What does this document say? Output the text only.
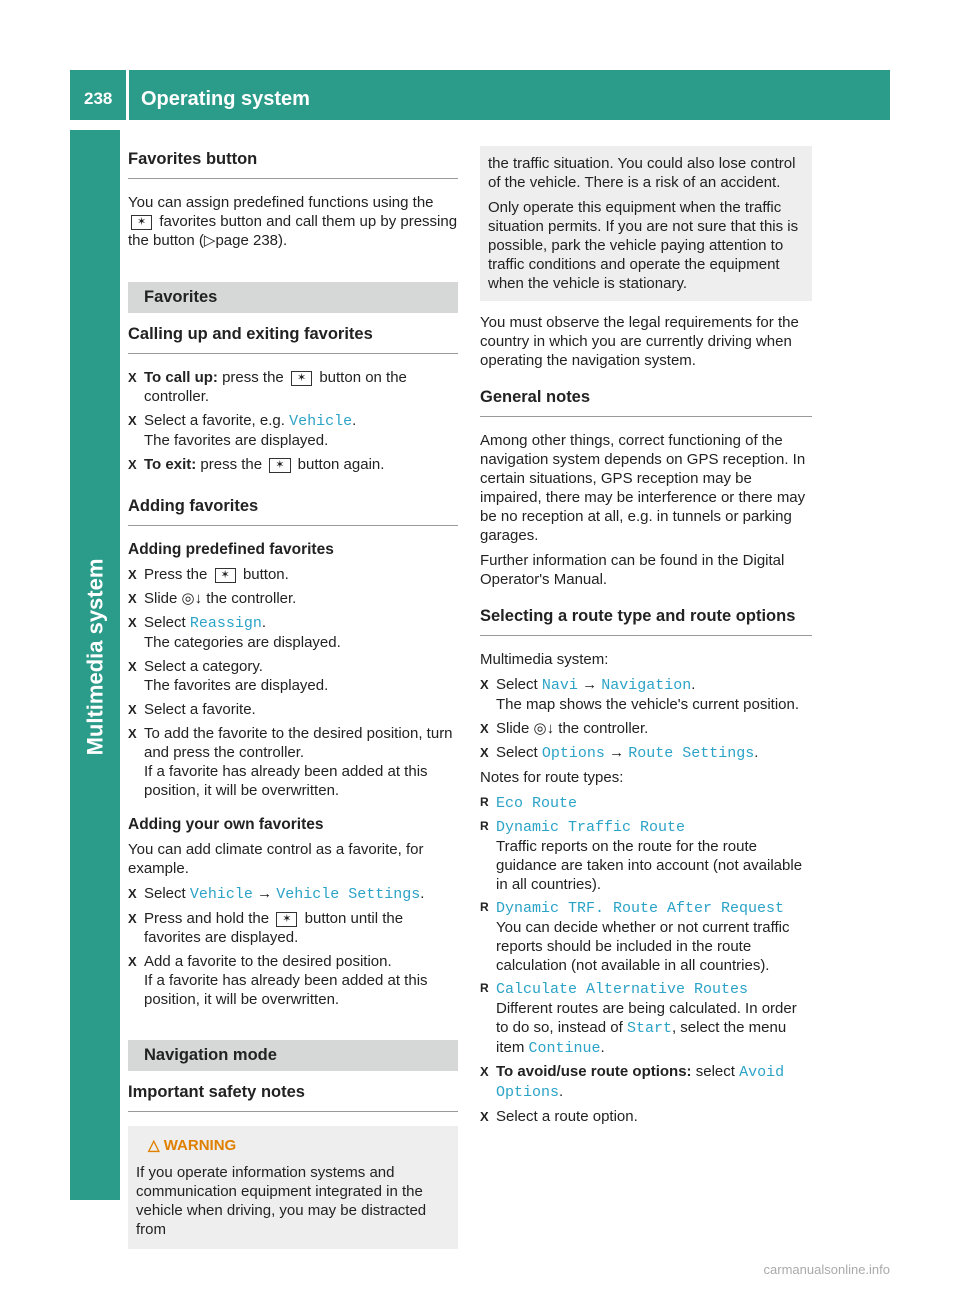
238 Operating system
Multimedia system
Favorites button

You can assign predefined functions using the ✶ favorites button and call them up by pressing the button (▷page 238).

Favorites
Calling up and exiting favorites
X To call up: press the ✶ button on the controller.
X Select a favorite, e.g. Vehicle.
The favorites are displayed.
X To exit: press the ✶ button again.
Adding favorites
Adding predefined favorites
X Press the ✶ button.
X Slide ◎↓ the controller.
X Select Reassign.
The categories are displayed.
X Select a category.
The favorites are displayed.
X Select a favorite.
X To add the favorite to the desired position, turn and press the controller.
If a favorite has already been added at this position, it will be overwritten.
Adding your own favorites

You can add climate control as a favorite, for example.

X Select Vehicle → Vehicle Settings.
X Press and hold the ✶ button until the favorites are displayed.
X Add a favorite to the desired position.
If a favorite has already been added at this position, it will be overwritten.
Navigation mode
Important safety notes
△ WARNING
If you operate information systems and communication equipment integrated in the vehicle when driving, you may be distracted from

the traffic situation. You could also lose control of the vehicle. There is a risk of an accident.

Only operate this equipment when the traffic situation permits. If you are not sure that this is possible, park the vehicle paying attention to traffic conditions and operate the equipment when the vehicle is stationary.

You must observe the legal requirements for the country in which you are currently driving when operating the navigation system.

General notes

Among other things, correct functioning of the navigation system depends on GPS reception. In certain situations, GPS reception may be impaired, there may be interference or there may be no reception at all, e.g. in tunnels or parking garages.

Further information can be found in the Digital Operator's Manual.

Selecting a route type and route options

Multimedia system:

X Select Navi → Navigation.
The map shows the vehicle's current position.
X Slide ◎↓ the controller.
X Select Options → Route Settings.

Notes for route types:

R Eco Route
R Dynamic Traffic Route
Traffic reports on the route for the route guidance are taken into account (not available in all countries).
R Dynamic TRF. Route After Request
You can decide whether or not current traffic reports should be included in the route calculation (not available in all countries).
R Calculate Alternative Routes
Different routes are being calculated. In order to do so, instead of Start, select the menu item Continue.
X To avoid/use route options: select Avoid Options.
X Select a route option.
carmanualsonline.info
